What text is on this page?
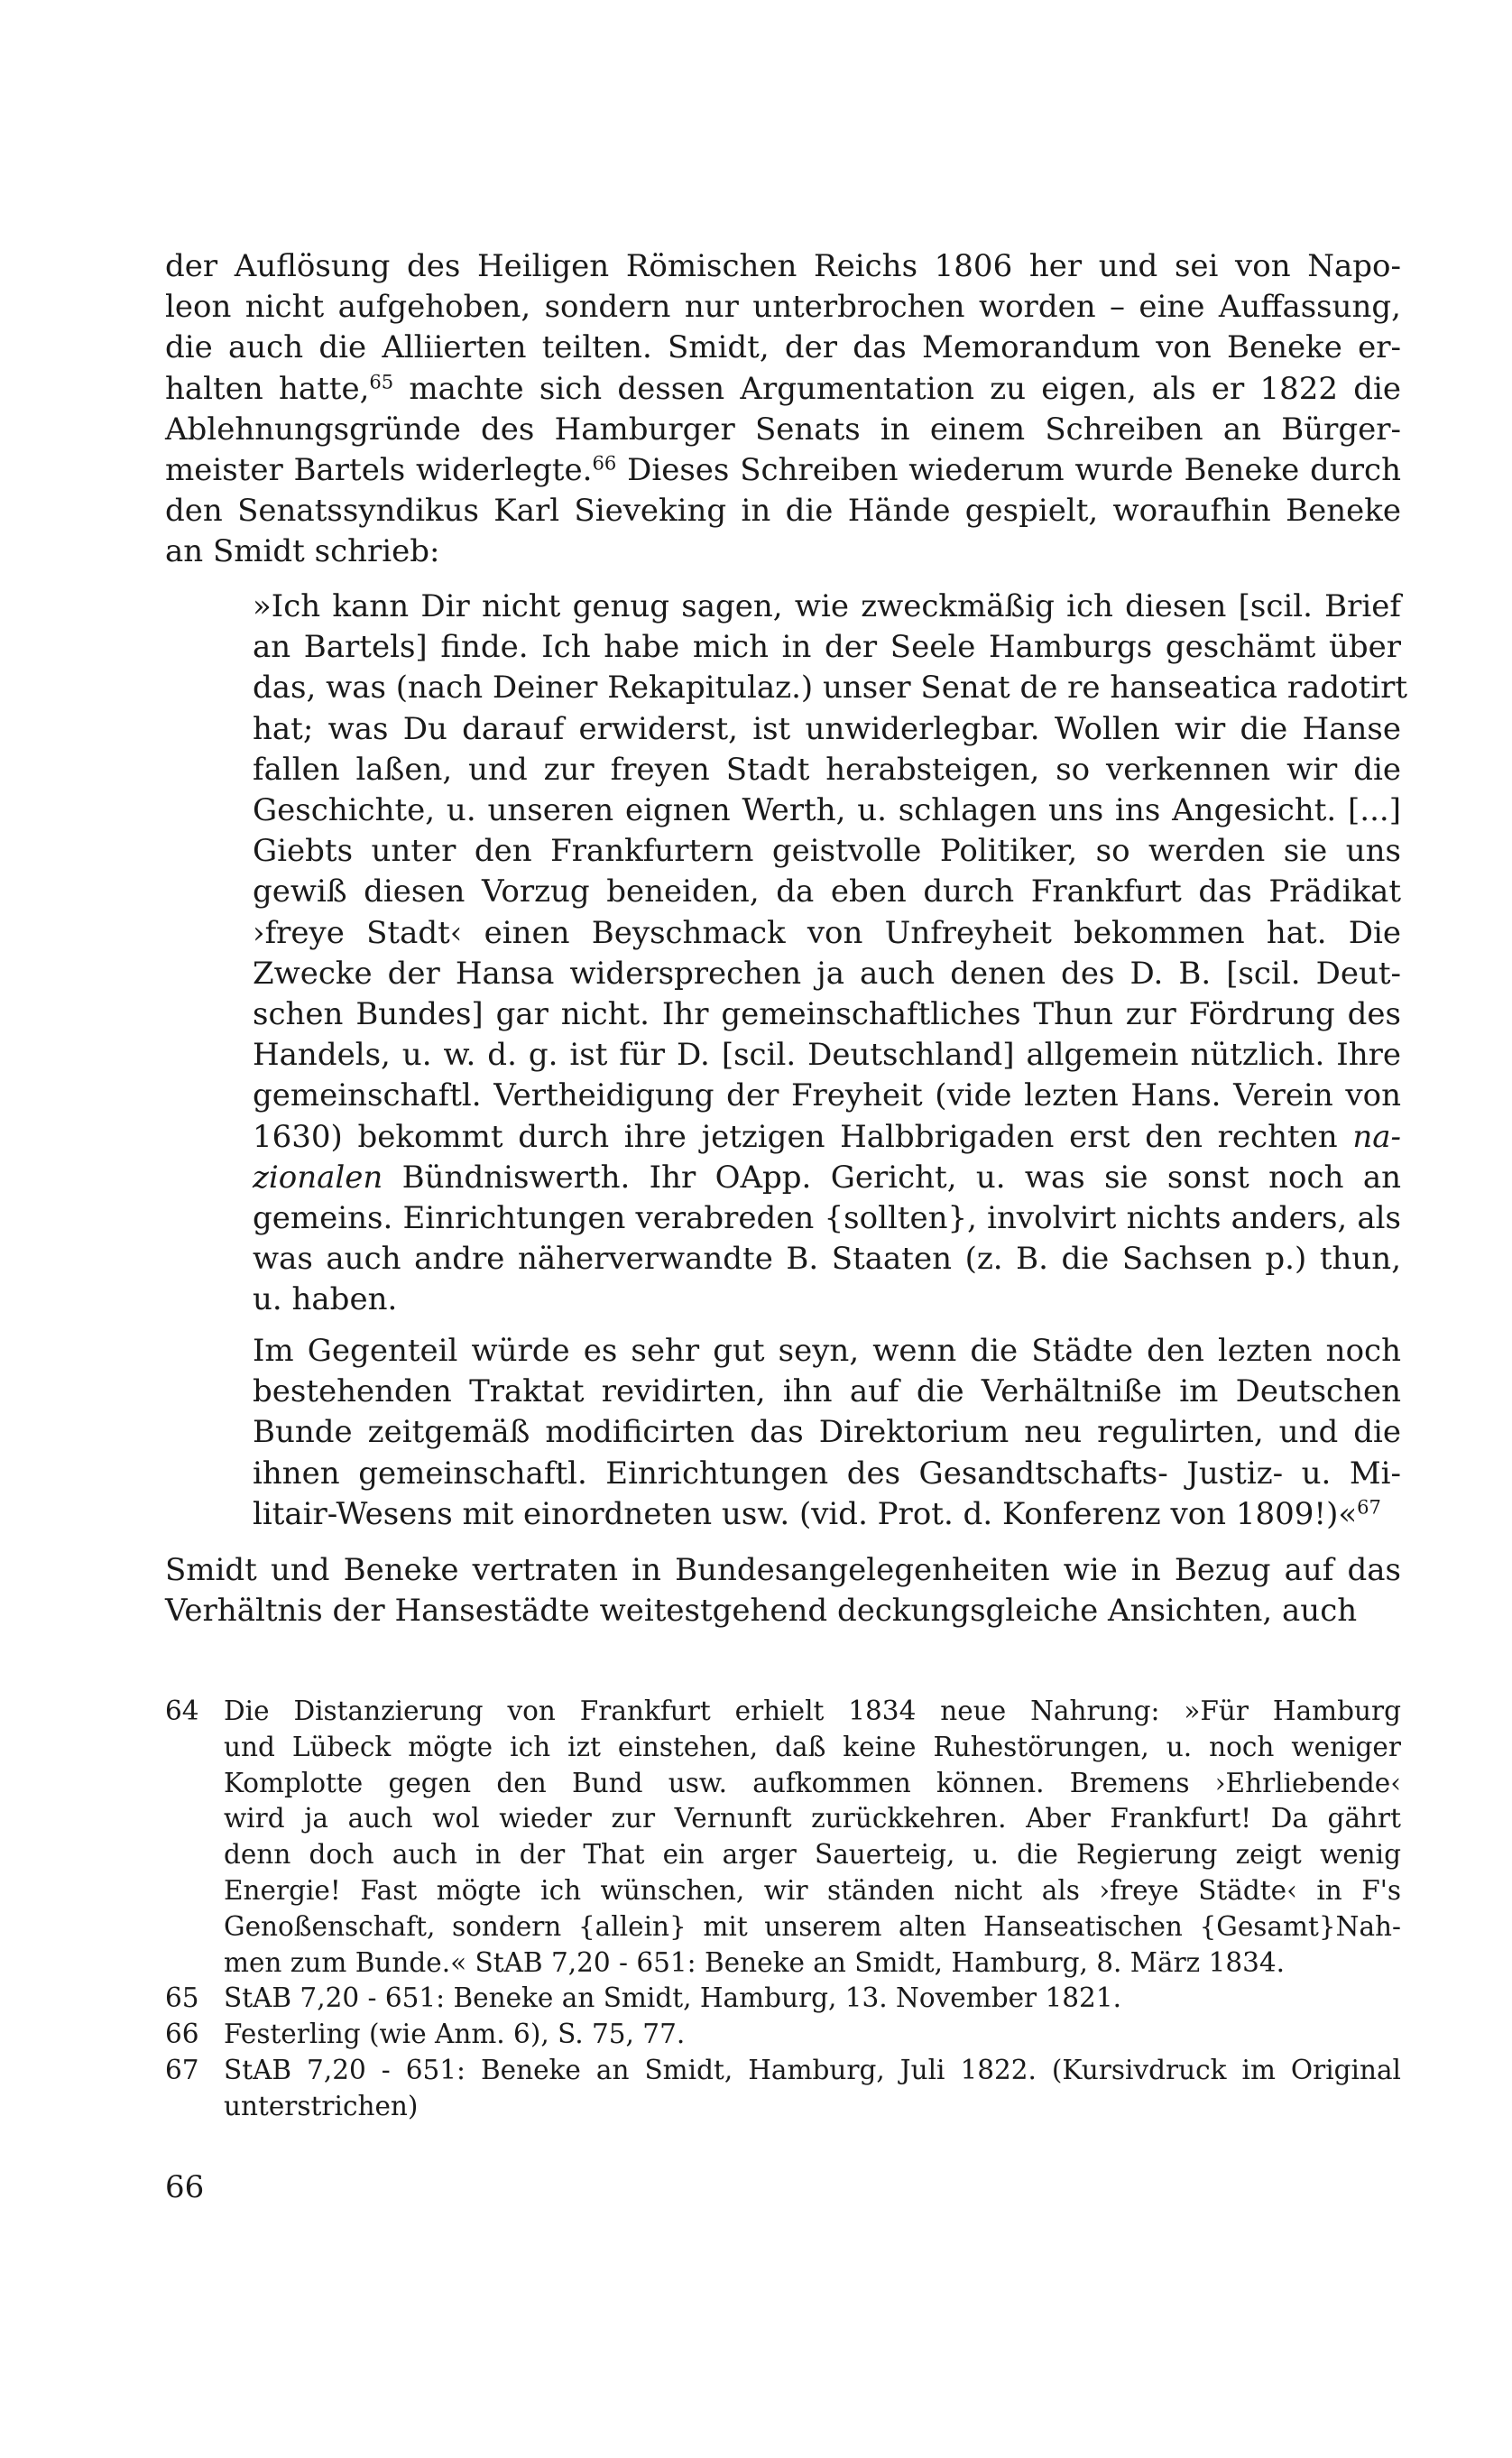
der Auflösung des Heiligen Römischen Reichs 1806 her und sei von Napo-

leon nicht aufgehoben, sondern nur unterbrochen worden – eine Auffassung,

die auch die Alliierten teilten. Smidt, der das Memorandum von Beneke er-

halten hatte,$^{65}$ machte sich dessen Argumentation zu eigen, als er 1822 die

Ablehnungsgründe des Hamburger Senats in einem Schreiben an Bürger-

meister Bartels widerlegte.$^{66}$ Dieses Schreiben wiederum wurde Beneke durch

den Senatssyndikus Karl Sieveking in die Hände gespielt, woraufhin Beneke

an Smidt schrieb:

»Ich kann Dir nicht genug sagen, wie zweckmäßig ich diesen [scil. Brief

an Bartels] finde. Ich habe mich in der Seele Hamburgs geschämt über

das, was (nach Deiner Rekapitulaz.) unser Senat de re hanseatica radotirt

hat; was Du darauf erwiderst, ist unwiderlegbar. Wollen wir die Hanse

fallen laßen, und zur freyen Stadt herabsteigen, so verkennen wir die

Geschichte, u. unseren eignen Werth, u. schlagen uns ins Angesicht. [...]

Giebts unter den Frankfurtern geistvolle Politiker, so werden sie uns

gewiß diesen Vorzug beneiden, da eben durch Frankfurt das Prädikat

›freye Stadt‹ einen Beyschmack von Unfreyheit bekommen hat. Die

Zwecke der Hansa widersprechen ja auch denen des D. B. [scil. Deut-

schen Bundes] gar nicht. Ihr gemeinschaftliches Thun zur Fördrung des

Handels, u. w. d. g. ist für D. [scil. Deutschland] allgemein nützlich. Ihre

gemeinschaftl. Vertheidigung der Freyheit (vide lezten Hans. Verein von

1630) bekommt durch ihre jetzigen Halbbrigaden erst den rechten na-

zionalen Bündniswerth. Ihr OApp. Gericht, u. was sie sonst noch an

gemeins. Einrichtungen verabreden {sollten}, involvirt nichts anders, als

was auch andre näherverwandte B. Staaten (z. B. die Sachsen p.) thun,

u. haben.

Im Gegenteil würde es sehr gut seyn, wenn die Städte den lezten noch

bestehenden Traktat revidirten, ihn auf die Verhältniße im Deutschen

Bunde zeitgemäß modificirten das Direktorium neu regulirten, und die

ihnen gemeinschaftl. Einrichtungen des Gesandtschafts- Justiz- u. Mi-

litair-Wesens mit einordneten usw. (vid. Prot. d. Konferenz von 1809!)«$^{67}$

Smidt und Beneke vertraten in Bundesangelegenheiten wie in Bezug auf das

Verhältnis der Hansestädte weitestgehend deckungsgleiche Ansichten, auch

64 Die Distanzierung von Frankfurt erhielt 1834 neue Nahrung: »Für Hamburg

und Lübeck mögte ich izt einstehen, daß keine Ruhestörungen, u. noch weniger

Komplotte gegen den Bund usw. aufkommen können. Bremens ›Ehrliebende‹

wird ja auch wol wieder zur Vernunft zurückkehren. Aber Frankfurt! Da gährt

denn doch auch in der That ein arger Sauerteig, u. die Regierung zeigt wenig

Energie! Fast mögte ich wünschen, wir ständen nicht als ›freye Städte‹ in F's

Genoßenschaft, sondern {allein} mit unserem alten Hanseatischen {Gesamt}Nah-

men zum Bunde.« StAB 7,20 - 651: Beneke an Smidt, Hamburg, 8. März 1834.

65 StAB 7,20 - 651: Beneke an Smidt, Hamburg, 13. November 1821.

66 Festerling (wie Anm. 6), S. 75, 77.

67 StAB 7,20 - 651: Beneke an Smidt, Hamburg, Juli 1822. (Kursivdruck im Original

unterstrichen)

66
